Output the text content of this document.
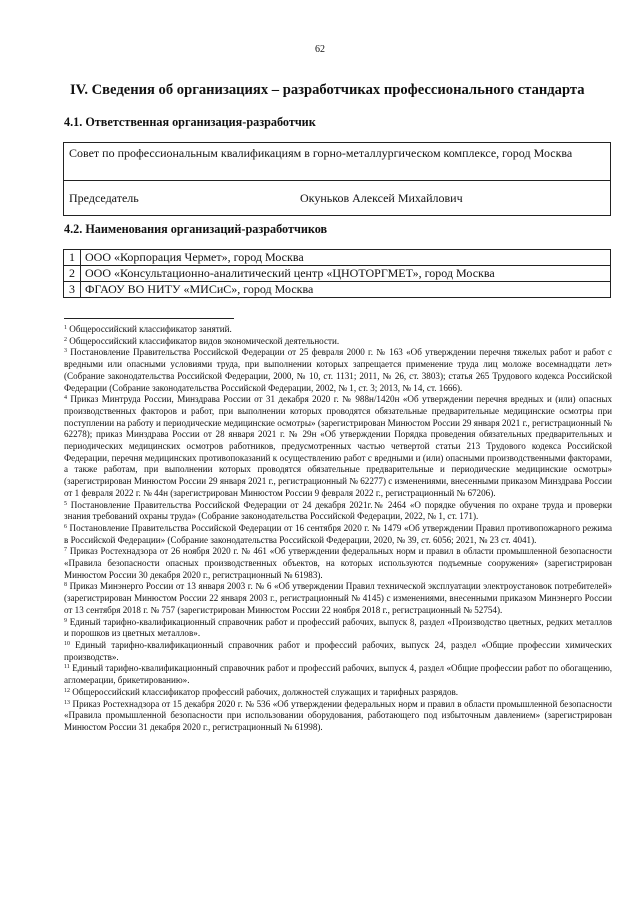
62
IV. Сведения об организациях – разработчиках профессионального стандарта
4.1. Ответственная организация-разработчик
Совет по профессиональным квалификациям в горно-металлургическом комплексе, город Москва
Председатель	Окуньков Алексей Михайлович
4.2. Наименования организаций-разработчиков
1	ООО «Корпорация Чермет», город Москва
2	ООО «Консультационно-аналитический центр «ЦНОТОРГМЕТ», город Москва
3	ФГАОУ ВО НИТУ «МИСиС», город Москва

$^1$ Общероссийский классификатор занятий.

$^2$ Общероссийский классификатор видов экономической деятельности.

$^3$ Постановление Правительства Российской Федерации от 25 февраля 2000 г. № 163 «Об утверждении перечня тяжелых работ и работ с вредными или опасными условиями труда, при выполнении которых запрещается применение труда лиц моложе восемнадцати лет» (Собрание законодательства Российской Федерации, 2000, № 10, ст. 1131; 2011, № 26, ст. 3803); статья 265 Трудового кодекса Российской Федерации (Собрание законодательства Российской Федерации, 2002, № 1, ст. 3; 2013, № 14, ст. 1666).

$^4$ Приказ Минтруда России, Минздрава России от 31 декабря 2020 г. № 988н/1420н «Об утверждении перечня вредных и (или) опасных производственных факторов и работ, при выполнении которых проводятся обязательные предварительные медицинские осмотры при поступлении на работу и периодические медицинские осмотры» (зарегистрирован Минюстом России 29 января 2021 г., регистрационный № 62278); приказ Минздрава России от 28 января 2021 г. № 29н «Об утверждении Порядка проведения обязательных предварительных и периодических медицинских осмотров работников, предусмотренных частью четвертой статьи 213 Трудового кодекса Российской Федерации, перечня медицинских противопоказаний к осуществлению работ с вредными и (или) опасными производственными факторами, а также работам, при выполнении которых проводятся обязательные предварительные и периодические медицинские осмотры» (зарегистрирован Минюстом России 29 января 2021 г., регистрационный № 62277) с изменениями, внесенными приказом Минздрава России от 1 февраля 2022 г. № 44н (зарегистрирован Минюстом России 9 февраля 2022 г., регистрационный № 67206).

$^5$ Постановление Правительства Российской Федерации от 24 декабря 2021г.№ 2464 «О порядке обучения по охране труда и проверки знания требований охраны труда» (Собрание законодательства Российской Федерации, 2022, № 1, ст. 171).

$^6$ Постановление Правительства Российской Федерации от 16 сентября 2020 г. № 1479 «Об утверждении Правил противопожарного режима в Российской Федерации» (Собрание законодательства Российской Федерации, 2020, № 39, ст. 6056; 2021, № 23 ст. 4041).

$^7$ Приказ Ростехнадзора от 26 ноября 2020 г. № 461 «Об утверждении федеральных норм и правил в области промышленной безопасности «Правила безопасности опасных производственных объектов, на которых используются подъемные сооружения» (зарегистрирован Минюстом России 30 декабря 2020 г., регистрационный № 61983).

$^8$ Приказ Минэнерго России от 13 января 2003 г. № 6 «Об утверждении Правил технической эксплуатации электроустановок потребителей» (зарегистрирован Минюстом России 22 января 2003 г., регистрационный № 4145) с изменениями, внесенными приказом Минэнерго России от 13 сентября 2018 г. № 757 (зарегистрирован Минюстом России 22 ноября 2018 г., регистрационный № 52754).

$^9$ Единый тарифно-квалификационный справочник работ и профессий рабочих, выпуск 8, раздел «Производство цветных, редких металлов и порошков из цветных металлов».

$^{10}$ Единый тарифно-квалификационный справочник работ и профессий рабочих, выпуск 24, раздел «Общие профессии химических производств».

$^{11}$ Единый тарифно-квалификационный справочник работ и профессий рабочих, выпуск 4, раздел «Общие профессии работ по обогащению, агломерации, брикетированию».

$^{12}$ Общероссийский классификатор профессий рабочих, должностей служащих и тарифных разрядов.

$^{13}$ Приказ Ростехнадзора от 15 декабря 2020 г. № 536 «Об утверждении федеральных норм и правил в области промышленной безопасности «Правила промышленной безопасности при использовании оборудования, работающего под избыточным давлением» (зарегистрирован Минюстом России 31 декабря 2020 г., регистрационный № 61998).
